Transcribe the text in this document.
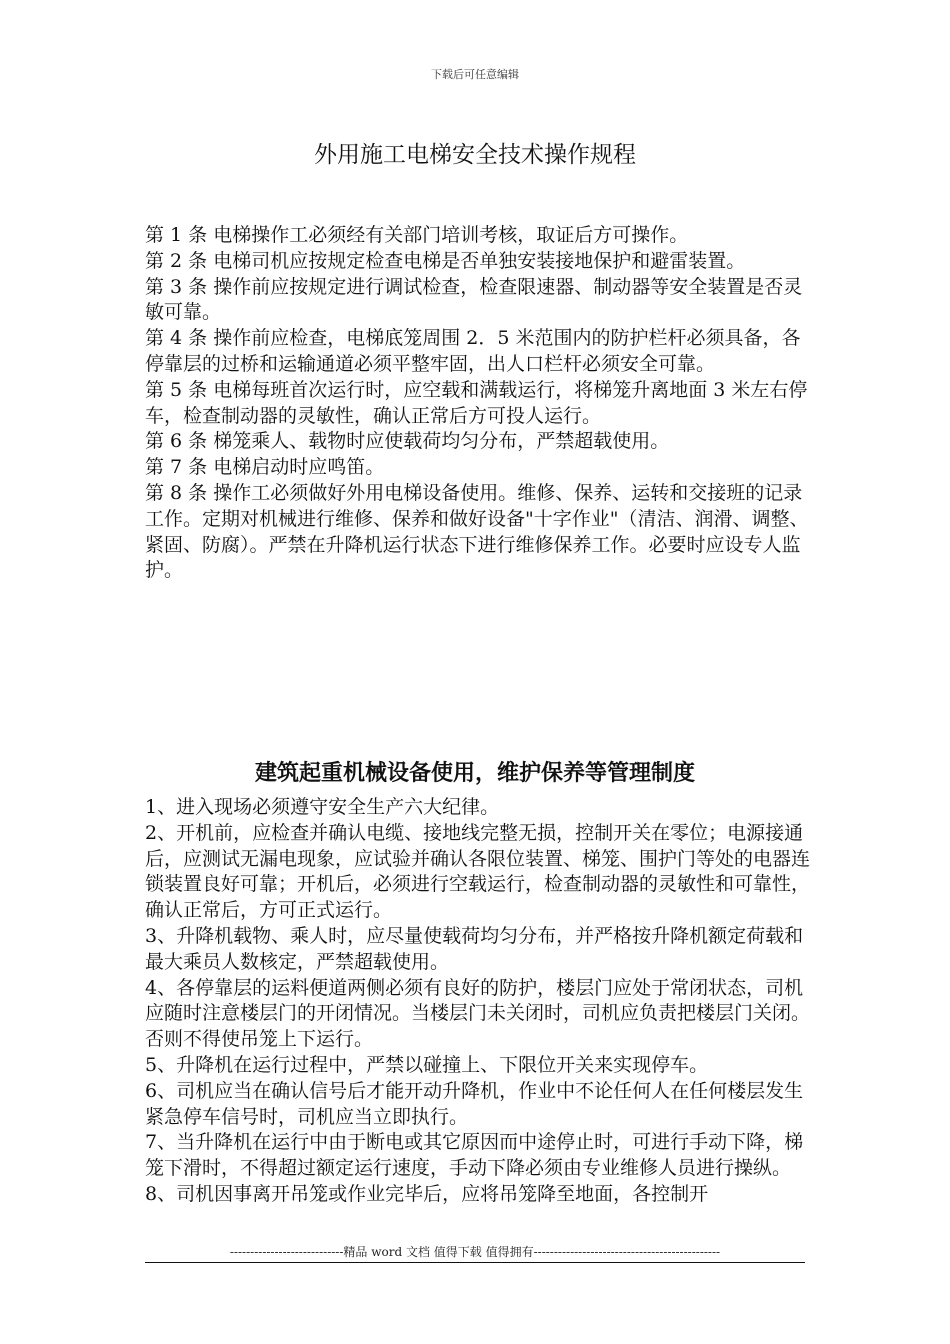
下载后可任意编辑
外用施工电梯安全技术操作规程
第 1 条 电梯操作工必须经有关部门培训考核，取证后方可操作。
第 2 条 电梯司机应按规定检查电梯是否单独安装接地保护和避雷装置。
第 3 条 操作前应按规定进行调试检查，检查限速器、制动器等安全装置是否灵敏可靠。
第 4 条 操作前应检查，电梯底笼周围 2．5 米范围内的防护栏杆必须具备，各停靠层的过桥和运输通道必须平整牢固，出人口栏杆必须安全可靠。
第 5 条 电梯每班首次运行时，应空载和满载运行，将梯笼升离地面 3 米左右停车，检查制动器的灵敏性，确认正常后方可投人运行。
第 6 条 梯笼乘人、载物时应使载荷均匀分布，严禁超载使用。
第 7 条 电梯启动时应鸣笛。
第 8 条 操作工必须做好外用电梯设备使用。维修、保养、运转和交接班的记录工作。定期对机械进行维修、保养和做好设备"十字作业"（清洁、润滑、调整、紧固、防腐）。严禁在升降机运行状态下进行维修保养工作。必要时应设专人监护。
建筑起重机械设备使用，维护保养等管理制度
1、进入现场必须遵守安全生产六大纪律。
2、开机前，应检查并确认电缆、接地线完整无损，控制开关在零位；电源接通后，应测试无漏电现象，应试验并确认各限位装置、梯笼、围护门等处的电器连锁装置良好可靠；开机后，必须进行空载运行，检查制动器的灵敏性和可靠性，确认正常后，方可正式运行。
3、升降机载物、乘人时，应尽量使载荷均匀分布，并严格按升降机额定荷载和最大乘员人数核定，严禁超载使用。
4、各停靠层的运料便道两侧必须有良好的防护，楼层门应处于常闭状态，司机应随时注意楼层门的开闭情况。当楼层门未关闭时，司机应负责把楼层门关闭。否则不得使吊笼上下运行。
5、升降机在运行过程中，严禁以碰撞上、下限位开关来实现停车。
6、司机应当在确认信号后才能开动升降机，作业中不论任何人在任何楼层发生紧急停车信号时，司机应当立即执行。
7、当升降机在运行中由于断电或其它原因而中途停止时，可进行手动下降，梯笼下滑时，不得超过额定运行速度，手动下降必须由专业维修人员进行操纵。
8、司机因事离开吊笼或作业完毕后，应将吊笼降至地面，各控制开
----------------------------精品 word 文档 值得下载 值得拥有----------------------------------------------
